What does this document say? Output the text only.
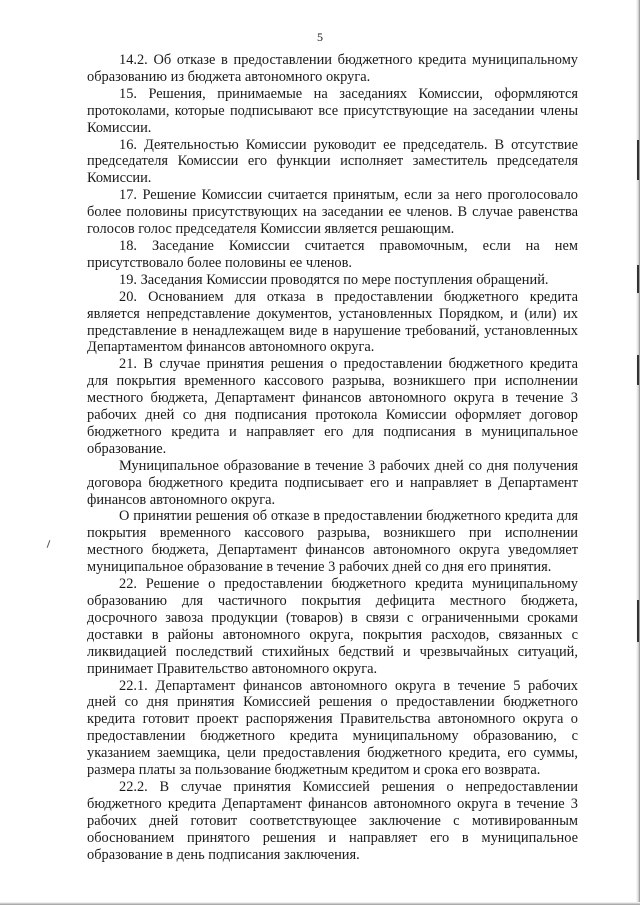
5

14.2. Об отказе в предоставлении бюджетного кредита муниципальному образованию из бюджета автономного округа.

15. Решения, принимаемые на заседаниях Комиссии, оформляются протоколами, которые подписывают все присутствующие на заседании члены Комиссии.

16. Деятельностью Комиссии руководит ее председатель. В отсутствие председателя Комиссии его функции исполняет заместитель председателя Комиссии.

17. Решение Комиссии считается принятым, если за него проголосовало более половины присутствующих на заседании ее членов. В случае равенства голосов голос председателя Комиссии является решающим.

18. Заседание Комиссии считается правомочным, если на нем присутствовало более половины ее членов.

19. Заседания Комиссии проводятся по мере поступления обращений.

20. Основанием для отказа в предоставлении бюджетного кредита является непредставление документов, установленных Порядком, и (или) их представление в ненадлежащем виде в нарушение требований, установленных Департаментом финансов автономного округа.

21. В случае принятия решения о предоставлении бюджетного кредита для покрытия временного кассового разрыва, возникшего при исполнении местного бюджета, Департамент финансов автономного округа в течение 3 рабочих дней со дня подписания протокола Комиссии оформляет договор бюджетного кредита и направляет его для подписания в муниципальное образование.

Муниципальное образование в течение 3 рабочих дней со дня получения договора бюджетного кредита подписывает его и направляет в Департамент финансов автономного округа.

О принятии решения об отказе в предоставлении бюджетного кредита для покрытия временного кассового разрыва, возникшего при исполнении местного бюджета, Департамент финансов автономного округа уведомляет муниципальное образование в течение 3 рабочих дней со дня его принятия.

22. Решение о предоставлении бюджетного кредита муниципальному образованию для частичного покрытия дефицита местного бюджета, досрочного завоза продукции (товаров) в связи с ограниченными сроками доставки в районы автономного округа, покрытия расходов, связанных с ликвидацией последствий стихийных бедствий и чрезвычайных ситуаций, принимает Правительство автономного округа.

22.1. Департамент финансов автономного округа в течение 5 рабочих дней со дня принятия Комиссией решения о предоставлении бюджетного кредита готовит проект распоряжения Правительства автономного округа о предоставлении бюджетного кредита муниципальному образованию, с указанием заемщика, цели предоставления бюджетного кредита, его суммы, размера платы за пользование бюджетным кредитом и срока его возврата.

22.2. В случае принятия Комиссией решения о непредоставлении бюджетного кредита Департамент финансов автономного округа в течение 3 рабочих дней готовит соответствующее заключение с мотивированным обоснованием принятого решения и направляет его в муниципальное образование в день подписания заключения.
